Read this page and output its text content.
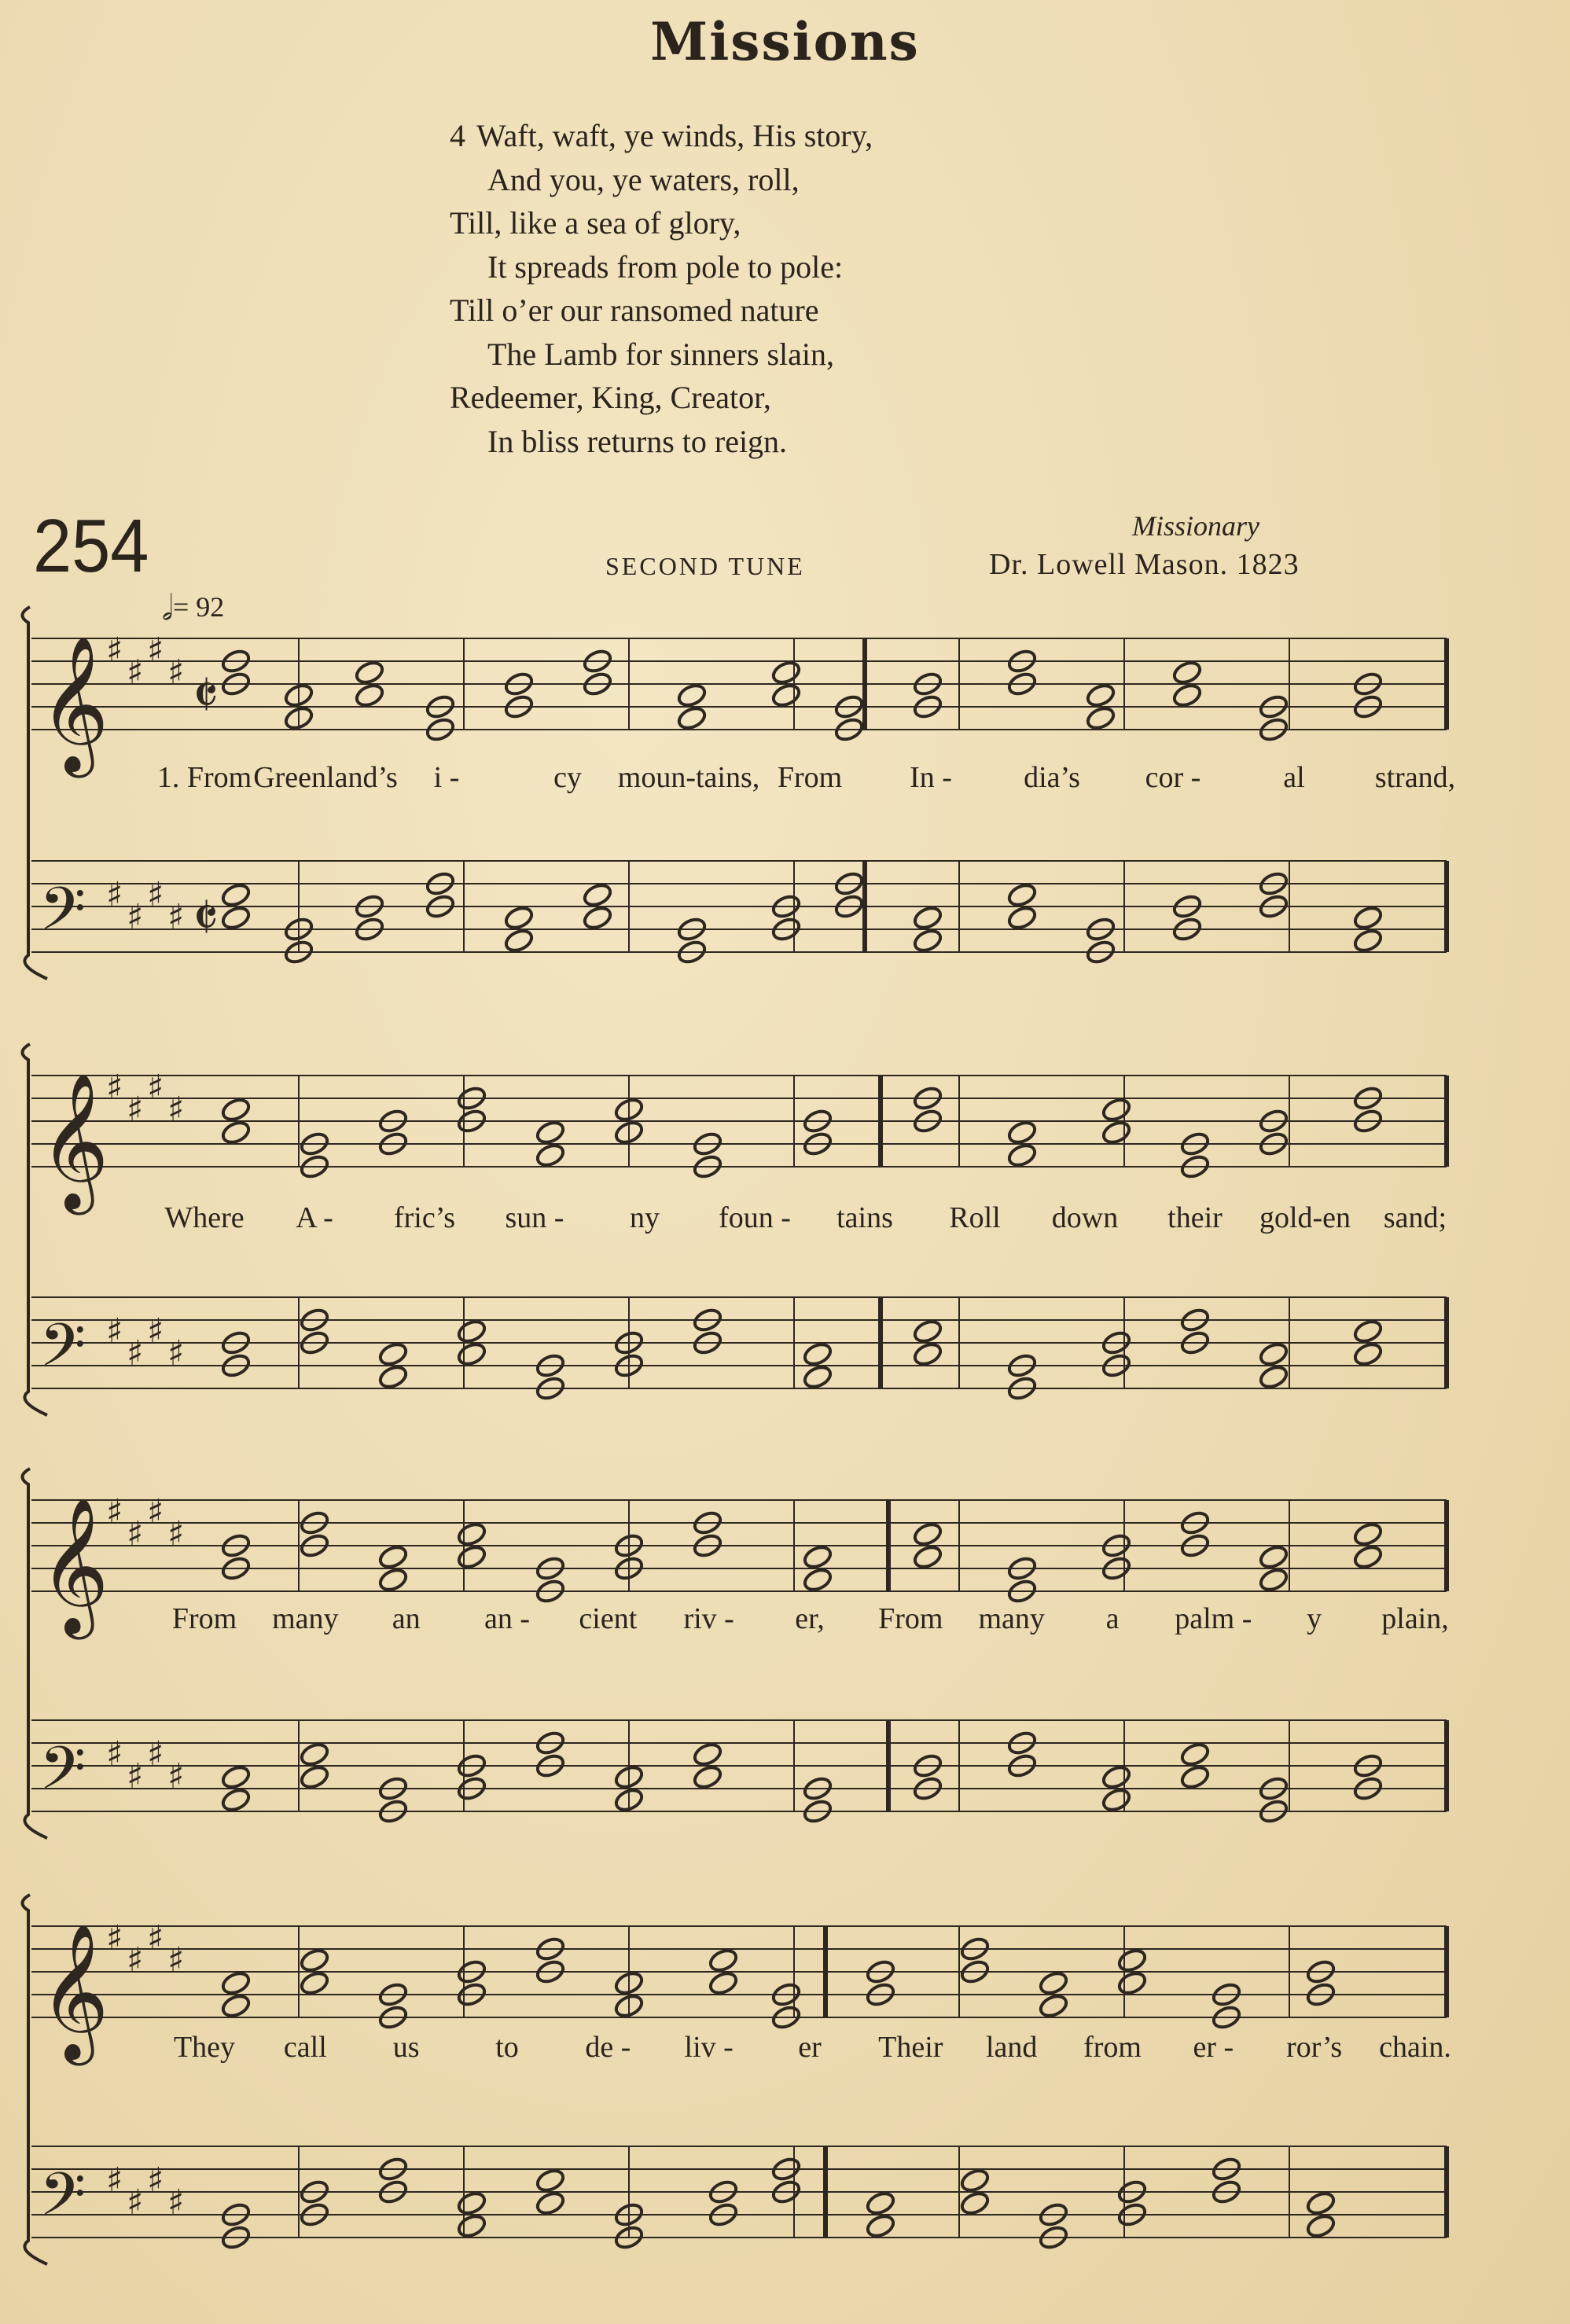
Missions
4 Waft, waft, ye winds, His story,
And you, ye waters, roll,
Till, like a sea of glory,
It spreads from pole to pole:
Till o’er our ransomed nature
The Lamb for sinners slain,
Redeemer, King, Creator,
In bliss returns to reign.
254	Missionary
SECOND TUNE	Dr. Lowell Mason. 1823
𝅗𝅥= 92
𝄞
♯
♯
♯
♯ 𝄵
𝄢 ♯
♯
♯
♯ 𝄵
𝄞
♯
♯
♯
♯
𝄢 ♯
♯
♯
♯
𝄞
♯
♯
♯
♯
𝄢 ♯
♯
♯
♯
𝄞
♯
♯
♯
♯
𝄢 ♯
♯
♯
♯
1. From Greenland’s i -	cy moun-tains, From In - dia’s cor -	al strand,
Where A - fric’s sun - ny foun - tains Roll down their gold-en sand;
From many an an - cient riv - er, From many a palm - y plain,
They call us	to de - liv - er Their land from er - ror’s chain.
